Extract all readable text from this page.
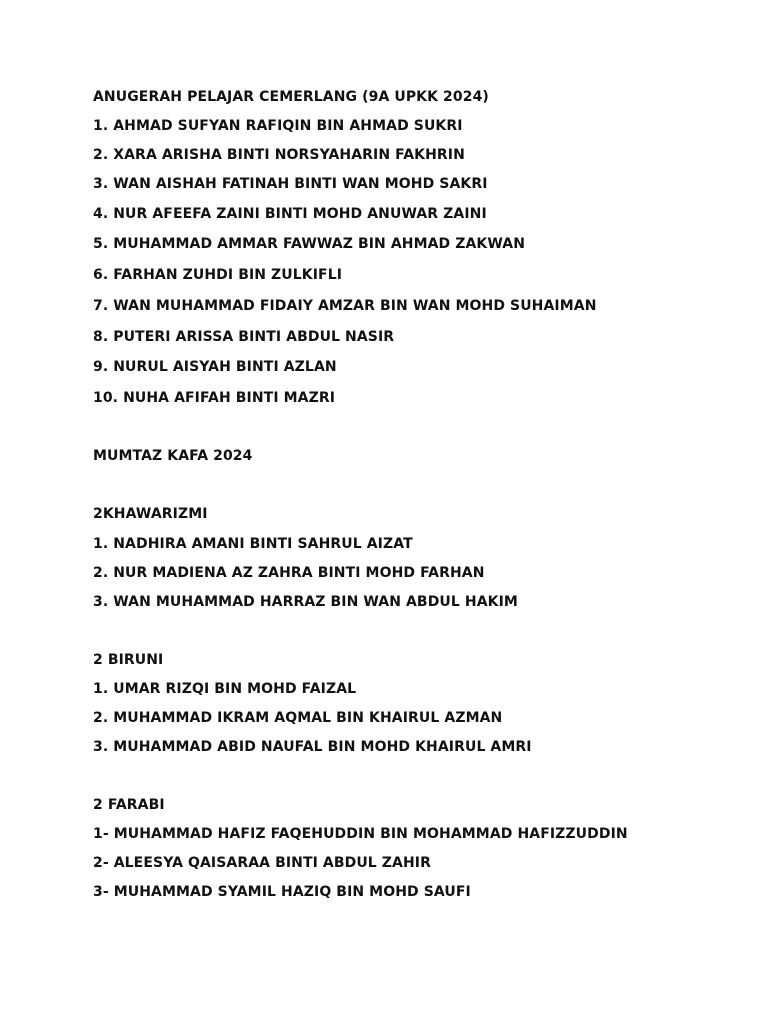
ANUGERAH PELAJAR CEMERLANG (9A UPKK 2024)

1. AHMAD SUFYAN RAFIQIN BIN AHMAD SUKRI

2. XARA ARISHA BINTI NORSYAHARIN FAKHRIN

3. WAN AISHAH FATINAH BINTI WAN MOHD SAKRI

4. NUR AFEEFA ZAINI BINTI MOHD ANUWAR ZAINI

5. MUHAMMAD AMMAR FAWWAZ BIN AHMAD ZAKWAN

6. FARHAN ZUHDI BIN ZULKIFLI

7. WAN MUHAMMAD FIDAIY AMZAR BIN WAN MOHD SUHAIMAN

8. PUTERI ARISSA BINTI ABDUL NASIR

9. NURUL AISYAH BINTI AZLAN

10. NUHA AFIFAH BINTI MAZRI

MUMTAZ KAFA 2024

2KHAWARIZMI

1. NADHIRA AMANI BINTI SAHRUL AIZAT

2. NUR MADIENA AZ ZAHRA BINTI MOHD FARHAN

3. WAN MUHAMMAD HARRAZ BIN WAN ABDUL HAKIM

2 BIRUNI

1. UMAR RIZQI BIN MOHD FAIZAL

2. MUHAMMAD IKRAM AQMAL BIN KHAIRUL AZMAN

3. MUHAMMAD ABID NAUFAL BIN MOHD KHAIRUL AMRI

2 FARABI

1- MUHAMMAD HAFIZ FAQEHUDDIN BIN MOHAMMAD HAFIZZUDDIN

2- ALEESYA QAISARAA BINTI ABDUL ZAHIR

3- MUHAMMAD SYAMIL HAZIQ BIN MOHD SAUFI
